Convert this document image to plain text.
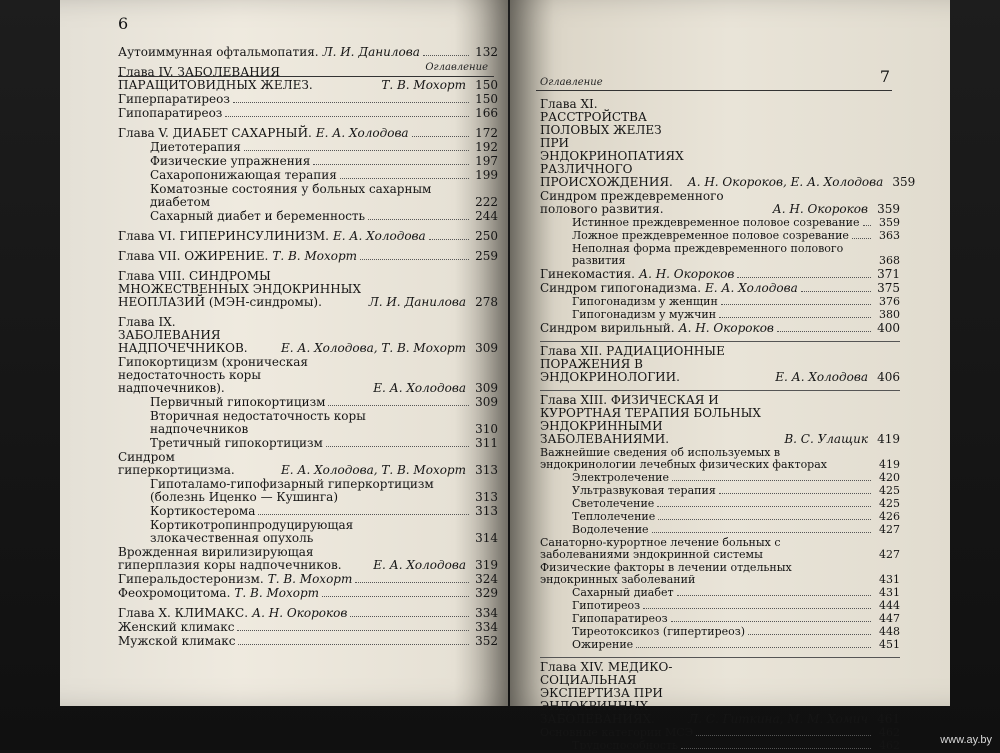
6
Оглавление
Аутоиммунная офтальмопатия. Л. И. Данилова	132
Глава IV. ЗАБОЛЕВАНИЯ ПАРАЩИТОВИДНЫХ ЖЕЛЕЗ.	Т. В. Мохорт 150
Гиперпаратиреоз	150
Гипопаратиреоз	166
Глава V. ДИАБЕТ САХАРНЫЙ. Е. А. Холодова	172
Диетотерапия	192
Физические упражнения	197
Сахаропонижающая терапия	199
Коматозные состояния у больных сахарным диабетом	222
Сахарный диабет и беременность	244
Глава VI. ГИПЕРИНСУЛИНИЗМ. Е. А. Холодова	250
Глава VII. ОЖИРЕНИЕ. Т. В. Мохорт	259
Глава VIII. СИНДРОМЫ МНОЖЕСТВЕННЫХ ЭНДОКРИННЫХ НЕОПЛАЗИЙ (МЭН-синдромы).	Л. И. Данилова 278
Глава IX. ЗАБОЛЕВАНИЯ НАДПОЧЕЧНИКОВ.	Е. А. Холодова, Т. В. Мохорт 309
Гипокортицизм (хроническая недостаточность коры надпочечников).	Е. А. Холодова 309
Первичный гипокортицизм	309
Вторичная недостаточность коры надпочечников	310
Третичный гипокортицизм	311
Синдром гиперкортицизма.	Е. А. Холодова, Т. В. Мохорт 313
Гипоталамо-гипофизарный гиперкортицизм (болезнь Иценко — Кушинга)	313
Кортикостерома	313
Кортикотропинпродуцирующая злокачественная опухоль	314
Врожденная вирилизирующая гиперплазия коры надпочечников.	Е. А. Холодова 319
Гиперальдостеронизм. Т. В. Мохорт	324
Феохромоцитома. Т. В. Мохорт	329
Глава X. КЛИМАКС. А. Н. Окороков	334
Женский климакс	334
Мужской климакс	352
Оглавление	7
Глава XI. РАССТРОЙСТВА ПОЛОВЫХ ЖЕЛЕЗ ПРИ ЭНДОКРИНОПАТИЯХ РАЗЛИЧНОГО ПРОИСХОЖДЕНИЯ.	А. Н. Окороков, Е. А. Холодова 359
Синдром преждевременного полового развития.	А. Н. Окороков 359
Истинное преждевременное половое созревание	359
Ложное преждевременное половое созревание	363
Неполная форма преждевременного полового развития	368
Гинекомастия. А. Н. Окороков	371
Синдром гипогонадизма. Е. А. Холодова	375
Гипогонадизм у женщин	376
Гипогонадизм у мужчин	380
Синдром вирильный. А. Н. Окороков	400
Глава XII. РАДИАЦИОННЫЕ ПОРАЖЕНИЯ В ЭНДОКРИНОЛОГИИ.	Е. А. Холодова 406
Глава XIII. ФИЗИЧЕСКАЯ И КУРОРТНАЯ ТЕРАПИЯ БОЛЬНЫХ ЭНДОКРИННЫМИ ЗАБОЛЕВАНИЯМИ.	В. С. Улащик 419
Важнейшие сведения об используемых в эндокринологии лечебных физических факторах	419
Электролечение	420
Ультразвуковая терапия	425
Светолечение	425
Теплолечение	426
Водолечение	427
Санаторно-курортное лечение больных с заболеваниями эндокринной системы	427
Физические факторы в лечении отдельных эндокринных заболеваний	431
Сахарный диабет	431
Гипотиреоз	444
Гипопаратиреоз	447
Тиреотоксикоз (гипертиреоз)	448
Ожирение	451
Глава XIV. МЕДИКО-СОЦИАЛЬНАЯ ЭКСПЕРТИЗА ПРИ ЭНДОКРИННЫХ ЗАБОЛЕВАНИЯХ.	Л. С. Гиткина, М. М. Хомич 461
Основные категории МСЭ	462
Трудоспособность	462	www.ay.by
